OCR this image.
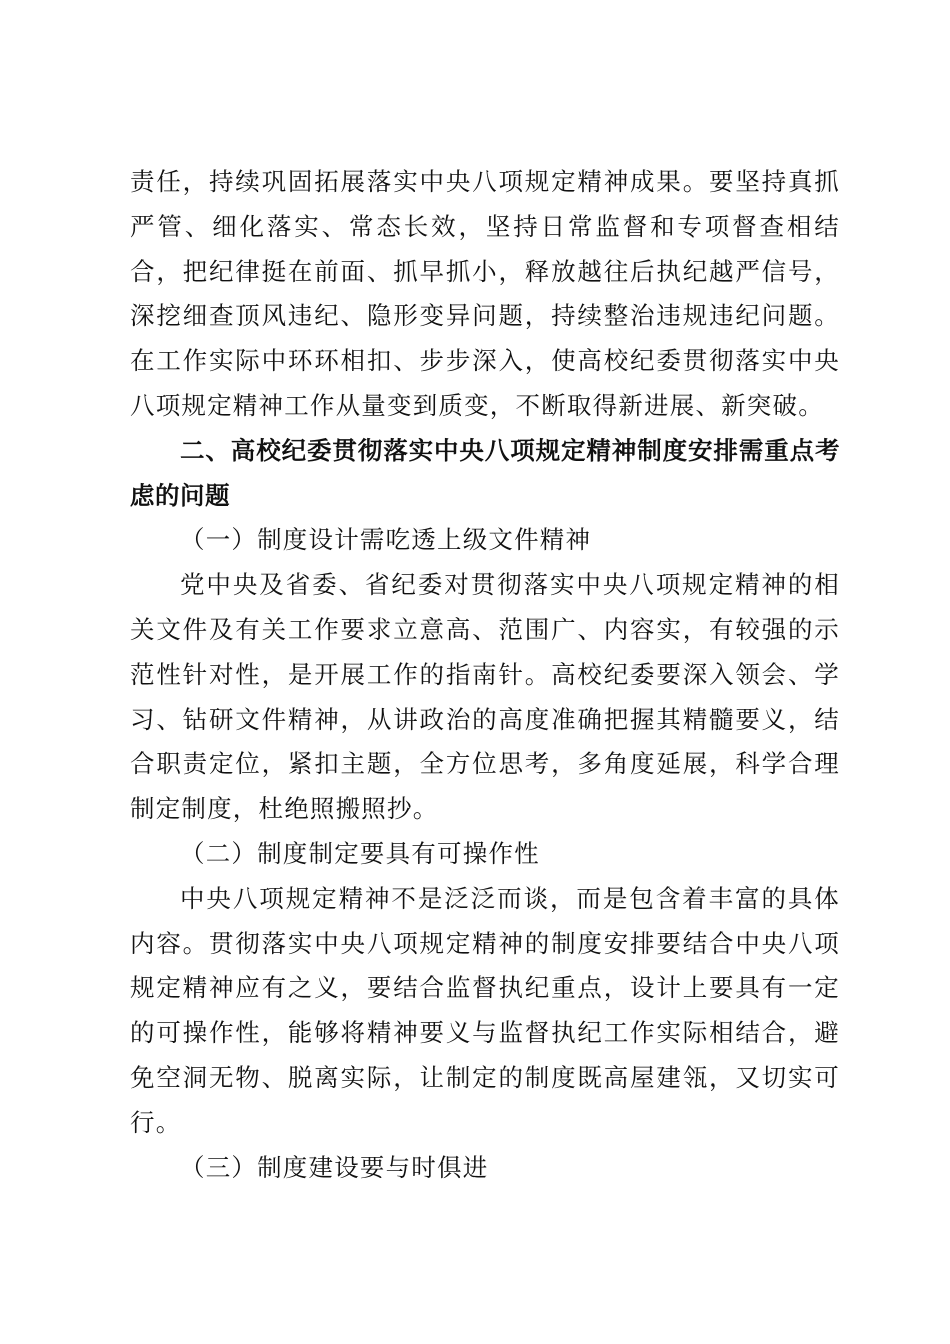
责任，持续巩固拓展落实中央八项规定精神成果。要坚持真抓严管、细化落实、常态长效，坚持日常监督和专项督查相结合，把纪律挺在前面、抓早抓小，释放越往后执纪越严信号，深挖细查顶风违纪、隐形变异问题，持续整治违规违纪问题。在工作实际中环环相扣、步步深入，使高校纪委贯彻落实中央八项规定精神工作从量变到质变，不断取得新进展、新突破。

二、高校纪委贯彻落实中央八项规定精神制度安排需重点考虑的问题

（一）制度设计需吃透上级文件精神

党中央及省委、省纪委对贯彻落实中央八项规定精神的相关文件及有关工作要求立意高、范围广、内容实，有较强的示范性针对性，是开展工作的指南针。高校纪委要深入领会、学习、钻研文件精神，从讲政治的高度准确把握其精髓要义，结合职责定位，紧扣主题，全方位思考，多角度延展，科学合理制定制度，杜绝照搬照抄。

（二）制度制定要具有可操作性

中央八项规定精神不是泛泛而谈，而是包含着丰富的具体内容。贯彻落实中央八项规定精神的制度安排要结合中央八项规定精神应有之义，要结合监督执纪重点，设计上要具有一定的可操作性，能够将精神要义与监督执纪工作实际相结合，避免空洞无物、脱离实际，让制定的制度既高屋建瓴，又切实可行。

（三）制度建设要与时俱进
